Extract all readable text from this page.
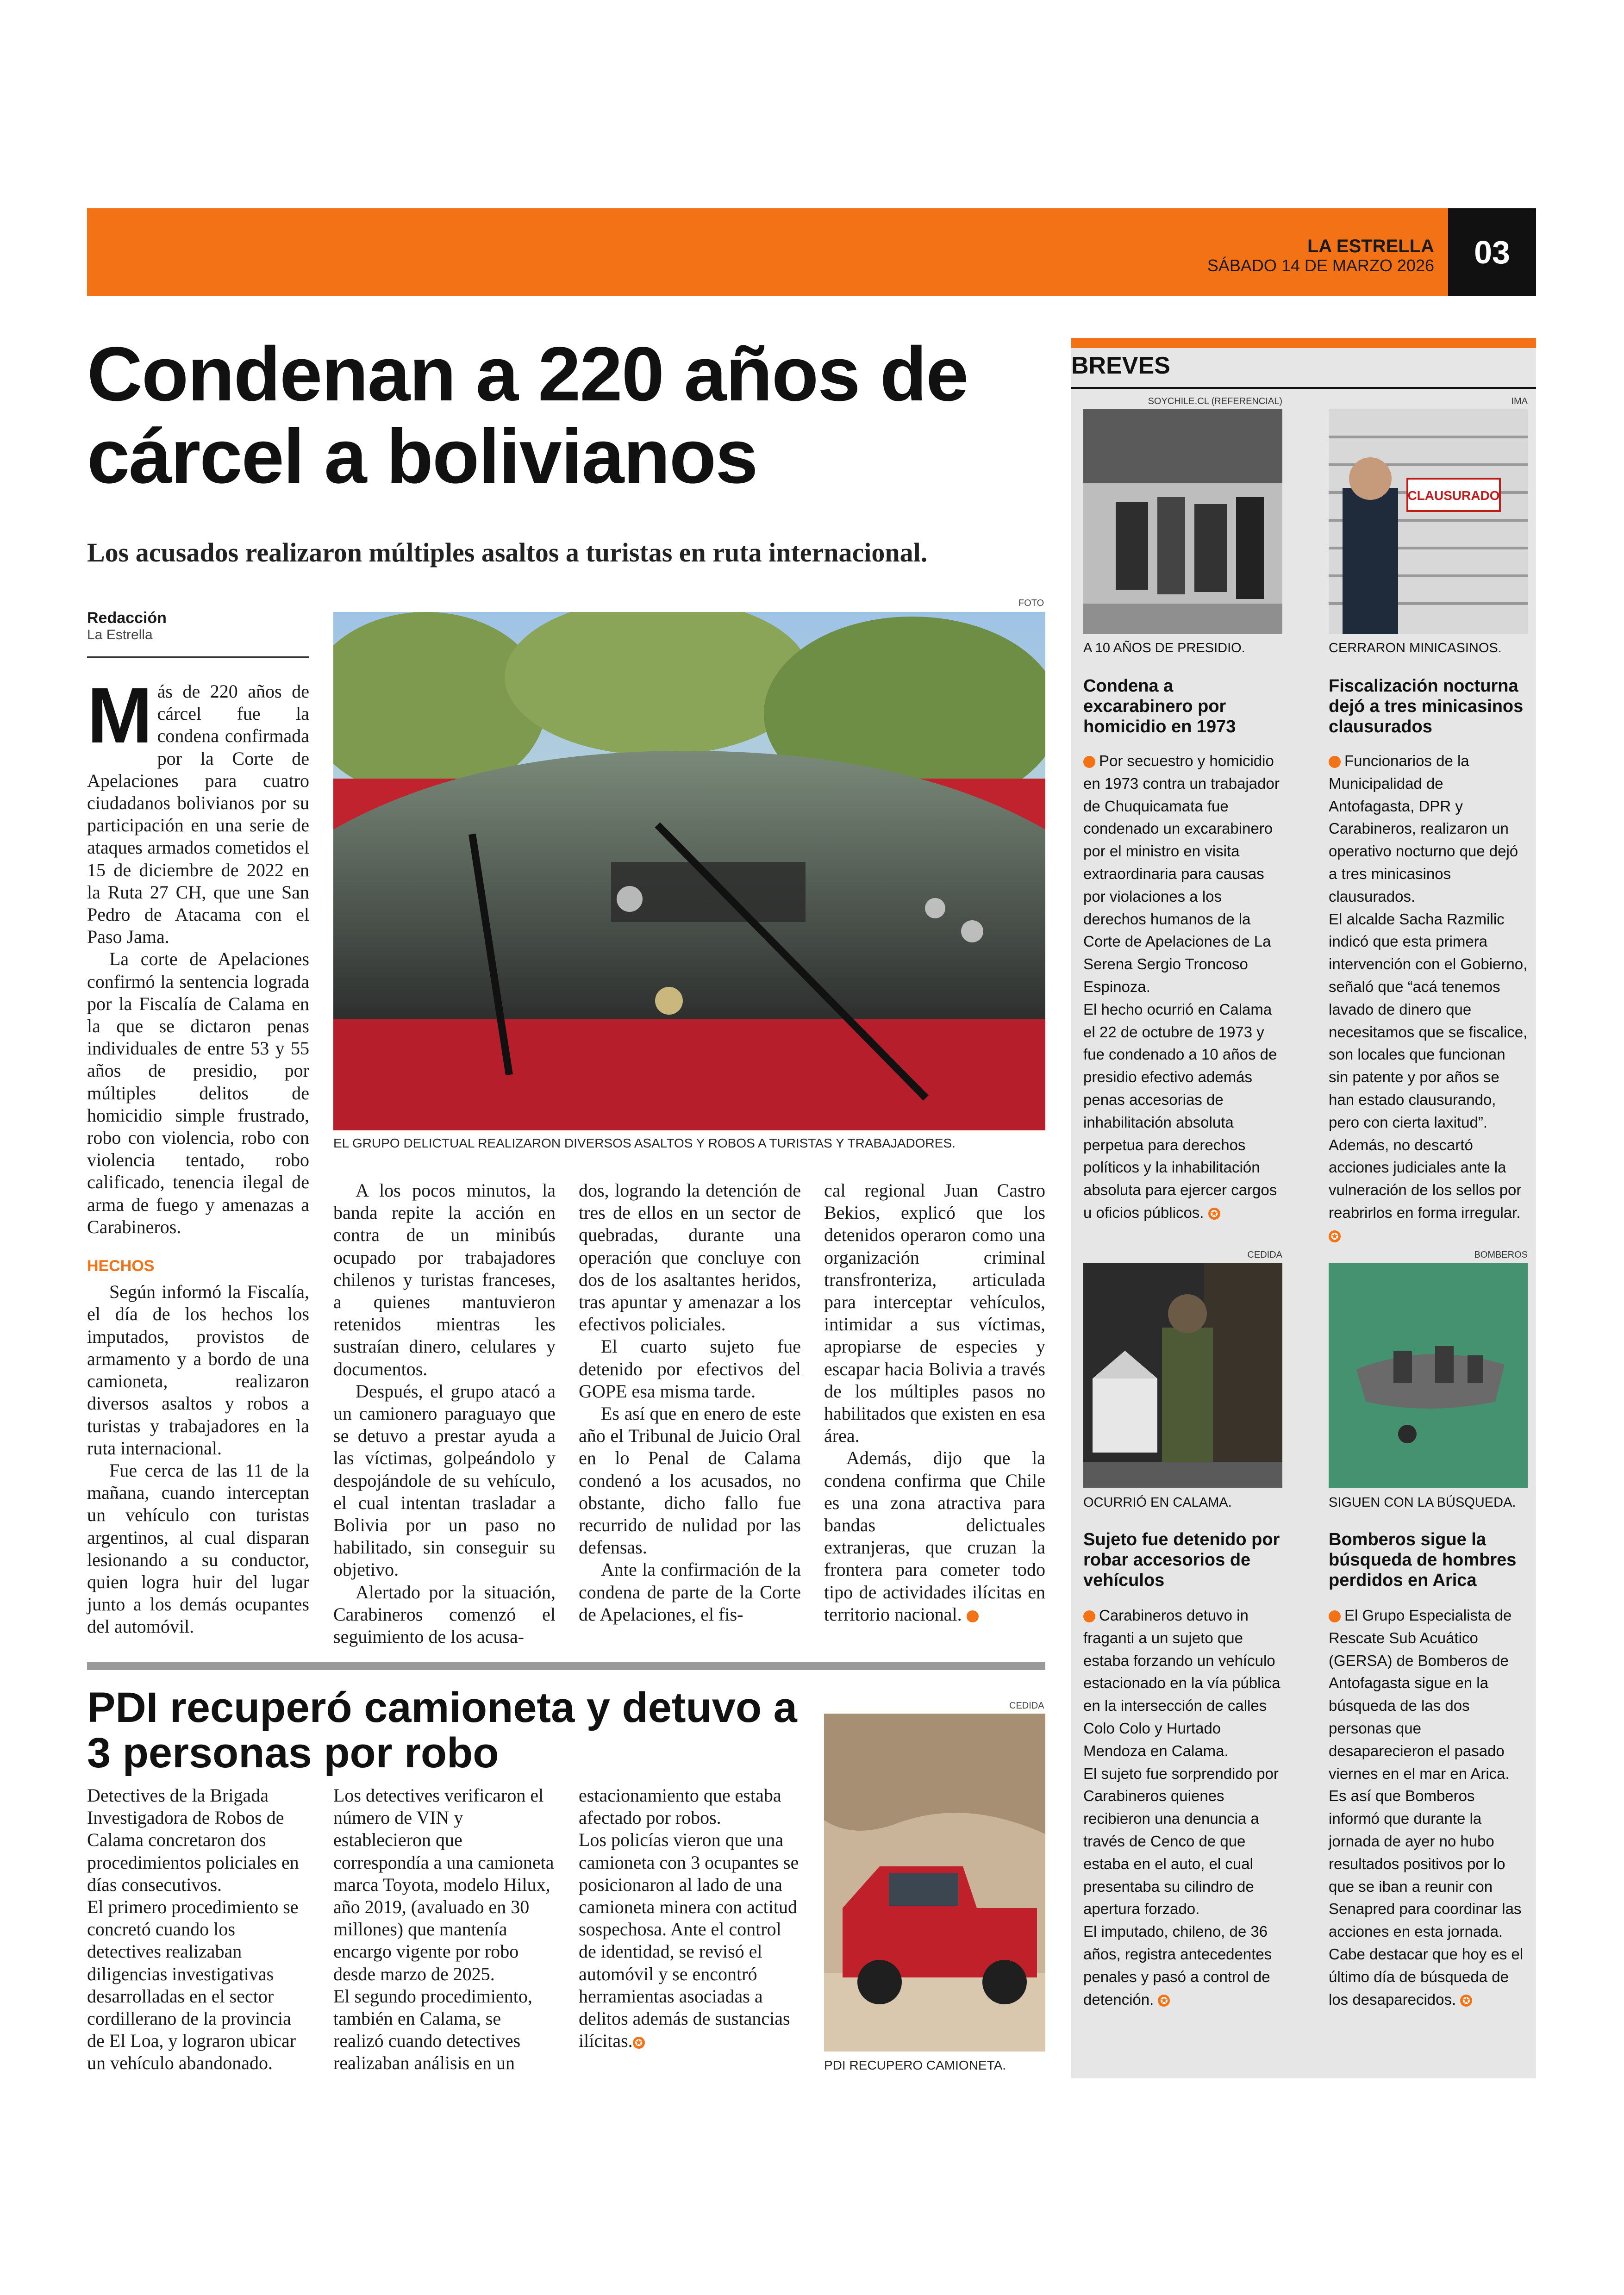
LA ESTRELLA
SÁBADO 14 DE MARZO 2026	03
Condenan a 220 años de cárcel a bolivianos
Los acusados realizaron múltiples asaltos a turistas en ruta internacional.
Redacción
La Estrella
FOTO
EL GRUPO DELICTUAL REALIZARON DIVERSOS ASALTOS Y ROBOS A TURISTAS Y TRABAJADORES.

Más de 220 años de cárcel fue la condena confirmada por la Corte de Apelaciones para cuatro ciudadanos bolivianos por su participación en una serie de ataques armados cometidos el 15 de diciembre de 2022 en la Ruta 27 CH, que une San Pedro de Atacama con el Paso Jama.

La corte de Apelaciones confirmó la sentencia lograda por la Fiscalía de Calama en la que se dictaron penas individuales de entre 53 y 55 años de presidio, por múltiples delitos de homicidio simple frustrado, robo con violencia, robo con violencia tentado, robo calificado, tenencia ilegal de arma de fuego y amenazas a Carabineros.

HECHOS

Según informó la Fiscalía, el día de los hechos los imputados, provistos de armamento y a bordo de una camioneta, realizaron diversos asaltos y robos a turistas y trabajadores en la ruta internacional.

Fue cerca de las 11 de la mañana, cuando interceptan un vehículo con turistas argentinos, al cual disparan lesionando a su conductor, quien logra huir del lugar junto a los demás ocupantes del automóvil.

A los pocos minutos, la banda repite la acción en contra de un minibús ocupado por trabajadores chilenos y turistas franceses, a quienes mantuvieron retenidos mientras les sustraían dinero, celulares y documentos.

Después, el grupo atacó a un camionero paraguayo que se detuvo a prestar ayuda a las víctimas, golpeándolo y despojándole de su vehículo, el cual intentan trasladar a Bolivia por un paso no habilitado, sin conseguir su objetivo.

Alertado por la situación, Carabineros comenzó el seguimiento de los acusa-

dos, logrando la detención de tres de ellos en un sector de quebradas, durante una operación que concluye con dos de los asaltantes heridos, tras apuntar y amenazar a los efectivos policiales.

El cuarto sujeto fue detenido por efectivos del GOPE esa misma tarde.

Es así que en enero de este año el Tribunal de Juicio Oral en lo Penal de Calama condenó a los acusados, no obstante, dicho fallo fue recurrido de nulidad por las defensas.

Ante la confirmación de la condena de parte de la Corte de Apelaciones, el fis-

cal regional Juan Castro Bekios, explicó que los detenidos operaron como una organización criminal transfronteriza, articulada para interceptar vehículos, intimidar a sus víctimas, apropiarse de especies y escapar hacia Bolivia a través de los múltiples pasos no habilitados que existen en esa área.

Además, dijo que la condena confirma que Chile es una zona atractiva para bandas delictuales extranjeras, que cruzan la frontera para cometer todo tipo de actividades ilícitas en territorio nacional.	✪

PDI recuperó camioneta y detuvo a 3 personas por robo
CEDIDA
PDI RECUPERO CAMIONETA.

Detectives de la Brigada Investigadora de Robos de Calama concretaron dos procedimientos policiales en días consecutivos.

El primero procedimiento se concretó cuando los detectives realizaban diligencias investigativas desarrolladas en el sector cordillerano de la provincia de El Loa, y lograron ubicar un vehículo abandonado.

Los detectives verificaron el número de VIN y establecieron que correspondía a una camioneta marca Toyota, modelo Hilux, año 2019, (avaluado en 30 millones) que mantenía encargo vigente por robo desde marzo de 2025.

El segundo procedimiento, también en Calama, se realizó cuando detectives realizaban análisis en un

estacionamiento que estaba afectado por robos.

Los policías vieron que una camioneta con 3 ocupantes se posicionaron al lado de una camioneta minera con actitud sospechosa. Ante el control de identidad, se revisó el automóvil y se encontró herramientas asociadas a delitos además de sustancias ilícitas. ✪

BREVES
SOYCHILE.CL (REFERENCIAL)
A 10 AÑOS DE PRESIDIO.
Condena a excarabinero por homicidio en 1973

Por secuestro y homicidio en 1973 contra un trabajador de Chuquicamata fue condenado un excarabinero por el ministro en visita extraordinaria para causas por violaciones a los derechos humanos de la Corte de Apelaciones de La Serena Sergio Troncoso Espinoza.

El hecho ocurrió en Calama el 22 de octubre de 1973 y fue condenado a 10 años de presidio efectivo además penas accesorias de inhabilitación absoluta perpetua para derechos políticos y la inhabilitación absoluta para ejercer cargos u oficios públicos. ✪

IMA
CLAUSURADO
CERRARON MINICASINOS.
Fiscalización nocturna dejó a tres minicasinos clausurados

Funcionarios de la Municipalidad de Antofagasta, DPR y Carabineros, realizaron un operativo nocturno que dejó a tres minicasinos clausurados.

El alcalde Sacha Razmilic indicó que esta primera intervención con el Gobierno, señaló que “acá tenemos lavado de dinero que necesitamos que se fiscalice, son locales que funcionan sin patente y por años se han estado clausurando, pero con cierta laxitud”. Además, no descartó acciones judiciales ante la vulneración de los sellos por reabrirlos en forma irregular. ✪

CEDIDA
OCURRIÓ EN CALAMA.
Sujeto fue detenido por robar accesorios de vehículos

Carabineros detuvo in fraganti a un sujeto que estaba forzando un vehículo estacionado en la vía pública en la intersección de calles Colo Colo y Hurtado Mendoza en Calama.

El sujeto fue sorprendido por Carabineros quienes recibieron una denuncia a través de Cenco de que estaba en el auto, el cual presentaba su cilindro de apertura forzado.

El imputado, chileno, de 36 años, registra antecedentes penales y pasó a control de detención. ✪

BOMBEROS
SIGUEN CON LA BÚSQUEDA.
Bomberos sigue la búsqueda de hombres perdidos en Arica

El Grupo Especialista de Rescate Sub Acuático (GERSA) de Bomberos de Antofagasta sigue en la búsqueda de las dos personas que desaparecieron el pasado viernes en el mar en Arica.

Es así que Bomberos informó que durante la jornada de ayer no hubo resultados positivos por lo que se iban a reunir con Senapred para coordinar las acciones en esta jornada.

Cabe destacar que hoy es el último día de búsqueda de los desaparecidos. ✪
